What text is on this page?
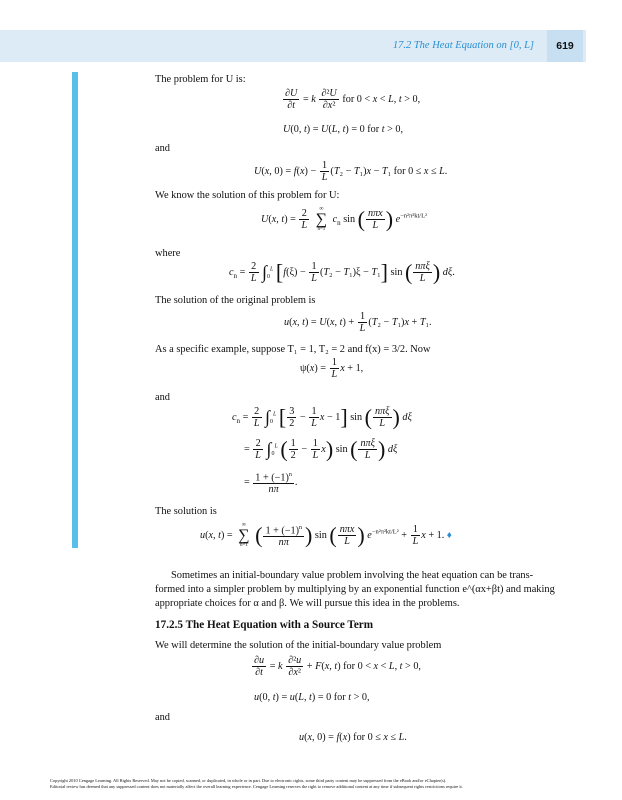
17.2 The Heat Equation on [0, L]	619
The problem for U is:
$\frac{\partial U}{\partial t} = k \frac{\text{∂²U}}{\text{∂x²}}$ for 0 < x < L, t > 0,
U(0, t) = U(L, t) = 0 for t > 0,
and
U(x, $0) = f(x) - \frac{1}{L} (T_2 - T_1)x - T_1$ for 0 ≤ x ≤ L.
We know the solution of this problem for U:
U(x, $t) = \frac{2}{L}$
	∞
∑
n=1
$c_n$ sin ( $\frac{\text{nπx}}{L}$ ) $e^{-n^2\pi^2kt/L^2}$
where
$c_n = \frac{2}{L} \int_0^L$ $[f(\xi) - \frac{1}{L} (T_2 - T_1)\xi - T_1]$ sin ( $\frac{\text{nπξ}}{L}$ ) dξ.
The solution of the original problem is
u(x, t) = U(x, $t) + \frac{1}{L} (T_2 - T_1)x + T_1$.
As a specific example, suppose T₁ = 1, T₂ = 2 and f(x) = 3/2. Now
$\psi(x) = \frac{1}{L}$ x + 1,
and
$c_n = \frac{2}{L} \int_0^L$ [ $\frac{3}{2} - \frac{1}{L}$ x − 1] sin ( $\frac{\text{nπξ}}{L}$ ) dξ
= $\frac{2}{L} \int_0^L$ ( $\frac{1}{2} - \frac{1}{L} x$) sin ( $\frac{\text{nπξ}}{L}$ ) dξ
= $\frac{1 + (-1)^n}{n\pi}$ .
The solution is
u(x, t) =
∞
∑
n=1 ( $\frac{1 + (-1)^n}{n\pi}$ ) sin ( $\frac{\text{nπx}}{L}$ ) $e^{-n^2\pi^2kt/L^2} + \frac{1}{L}$ x + 1. ♦
Sometimes an initial-boundary value problem involving the heat equation can be trans-
formed into a simpler problem by multiplying by an exponential function e^(αx+βt) and making
appropriate choices for α and β. We will pursue this idea in the problems.
17.2.5 The Heat Equation with a Source Term
We will determine the solution of the initial-boundary value problem
$\frac{\partial u}{\partial t} = k \frac{\text{∂²u}}{\text{∂x²}} + F(x$, t) for 0 < x < L, t > 0,
u(0, t) = u(L, t) = 0 for t > 0,
and
u(x, 0) = f(x) for 0 ≤ x ≤ L.
Copyright 2010 Cengage Learning. All Rights Reserved. May not be copied, scanned, or duplicated, in whole or in part. Due to electronic rights, some third party content may be suppressed from the eBook and/or eChapter(s).
Editorial review has deemed that any suppressed content does not materially affect the overall learning experience. Cengage Learning reserves the right to remove additional content at any time if subsequent rights restrictions require it.
